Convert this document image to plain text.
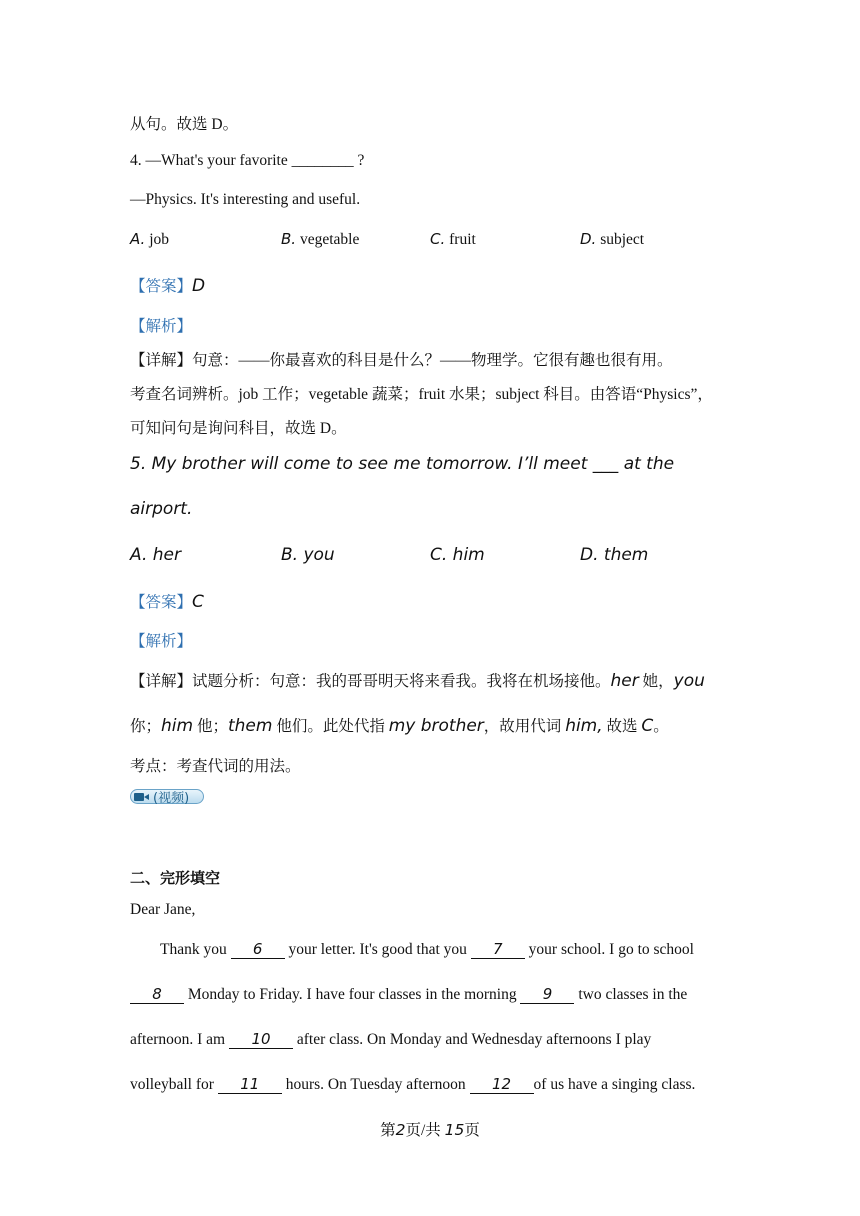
从句。故选 D。
4. —What's your favorite ________ ?
—Physics. It's interesting and useful.
A. job	B. vegetable	C. fruit	D. subject
【答案】D
【解析】
【详解】句意：——你最喜欢的科目是什么？——物理学。它很有趣也很有用。
考查名词辨析。job 工作；vegetable 蔬菜；fruit 水果；subject 科目。由答语“Physics”，
可知问句是询问科目，故选 D。
5. My brother will come to see me tomorrow. I’ll meet ___ at the
airport.
A. her	B. you	C. him	D. them
【答案】C
【解析】
【详解】试题分析：句意：我的哥哥明天将来看我。我将在机场接他。her 她，you
你；him 他；them 他们。此处代指 my brother，故用代词 him, 故选 C。
考点：考查代词的用法。
(视频)
二、完形填空
Dear Jane,
Thank you 6 your letter. It's good that you 7 your school. I go to school
8 Monday to Friday. I have four classes in the morning 9 two classes in the
afternoon. I am 10 after class. On Monday and Wednesday afternoons I play
volleyball for 11 hours. On Tuesday afternoon 12 of us have a singing class.
第2页/共 15页
